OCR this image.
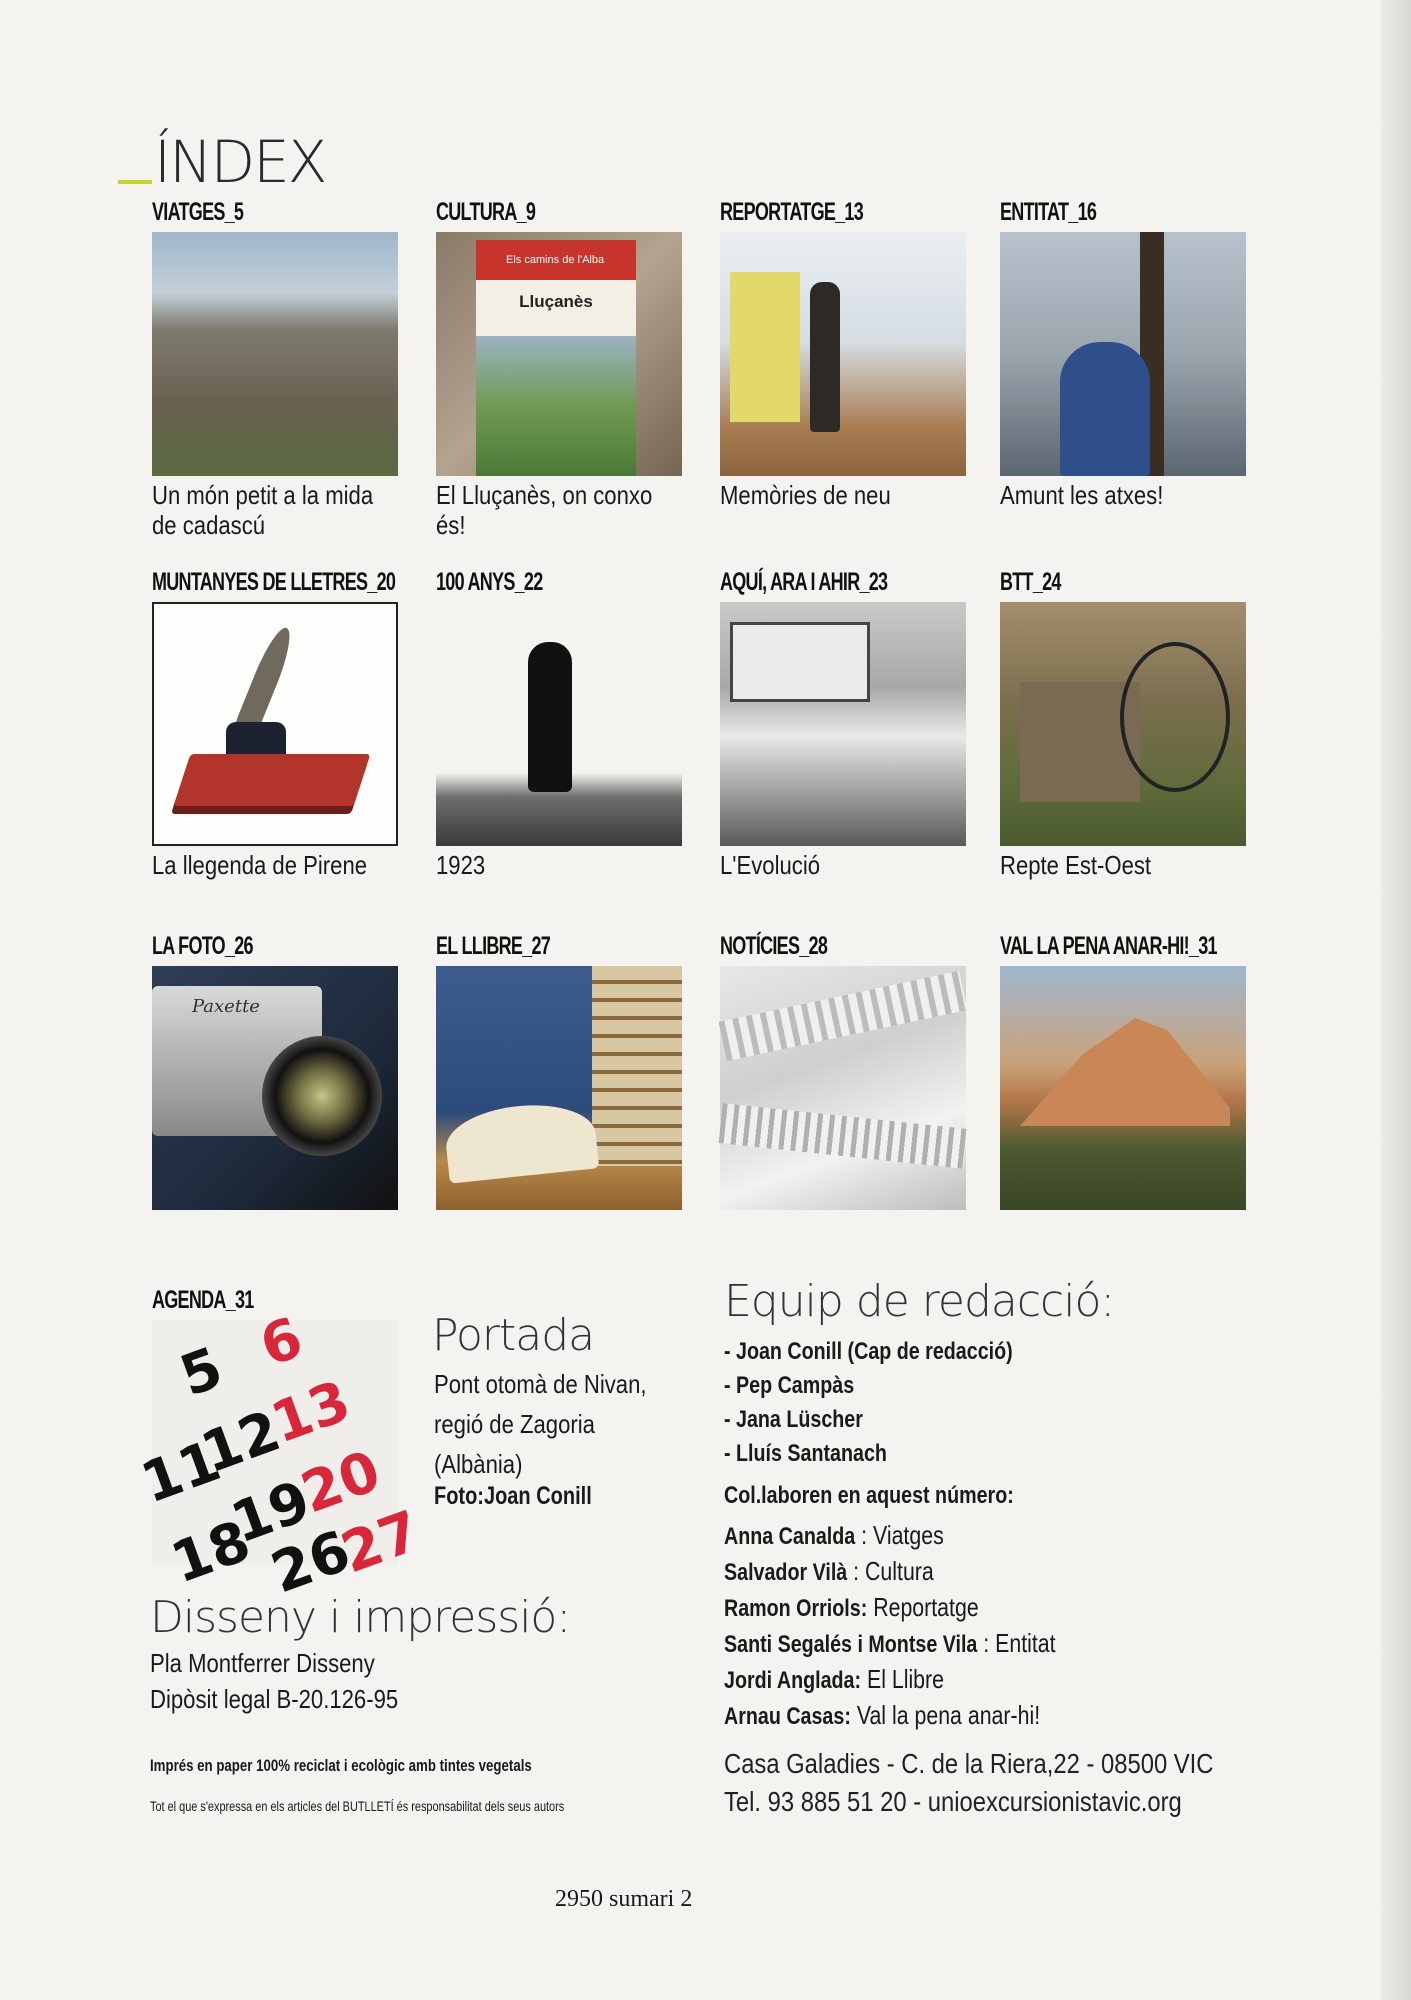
ÍNDEX
VIATGES_5
Un món petit a la mida de cadascú
CULTURA_9
Els camins de l'Alba
Lluçanès
El Lluçanès, on conxo és!
REPORTATGE_13
Memòries de neu
ENTITAT_16
Amunt les atxes!
MUNTANYES DE LLETRES_20
La llegenda de Pirene
100 ANYS_22
1923
AQUÍ, ARA I AHIR_23
L'Evolució
BTT_24
Repte Est-Oest
LA FOTO_26
Paxette
EL LLIBRE_27	NOTÍCIES_28	VAL LA PENA ANAR-HI!_31
AGENDA_31
5 6
13
12
11 20
19
18 27
26
Portada
Pont otomà de Nivan,
regió de Zagoria
(Albània)
Foto:Joan Conill
Disseny i impressió:
Pla Montferrer Disseny
Dipòsit legal B-20.126-95
Imprés en paper 100% reciclat i ecològic amb tintes vegetals
Tot el que s'expressa en els articles del BUTLLETÍ és responsabilitat dels seus autors
Equip de redacció:
- Joan Conill (Cap de redacció)
- Pep Campàs
- Jana Lüscher
- Lluís Santanach
Col.laboren en aquest número:
Anna Canalda : Viatges
Salvador Vilà : Cultura
Ramon Orriols: Reportatge
Santi Segalés i Montse Vila : Entitat
Jordi Anglada: El Llibre
Arnau Casas: Val la pena anar-hi!
Casa Galadies - C. de la Riera,22 - 08500 VIC
Tel. 93 885 51 20 - unioexcursionistavic.org
2950 sumari 2
